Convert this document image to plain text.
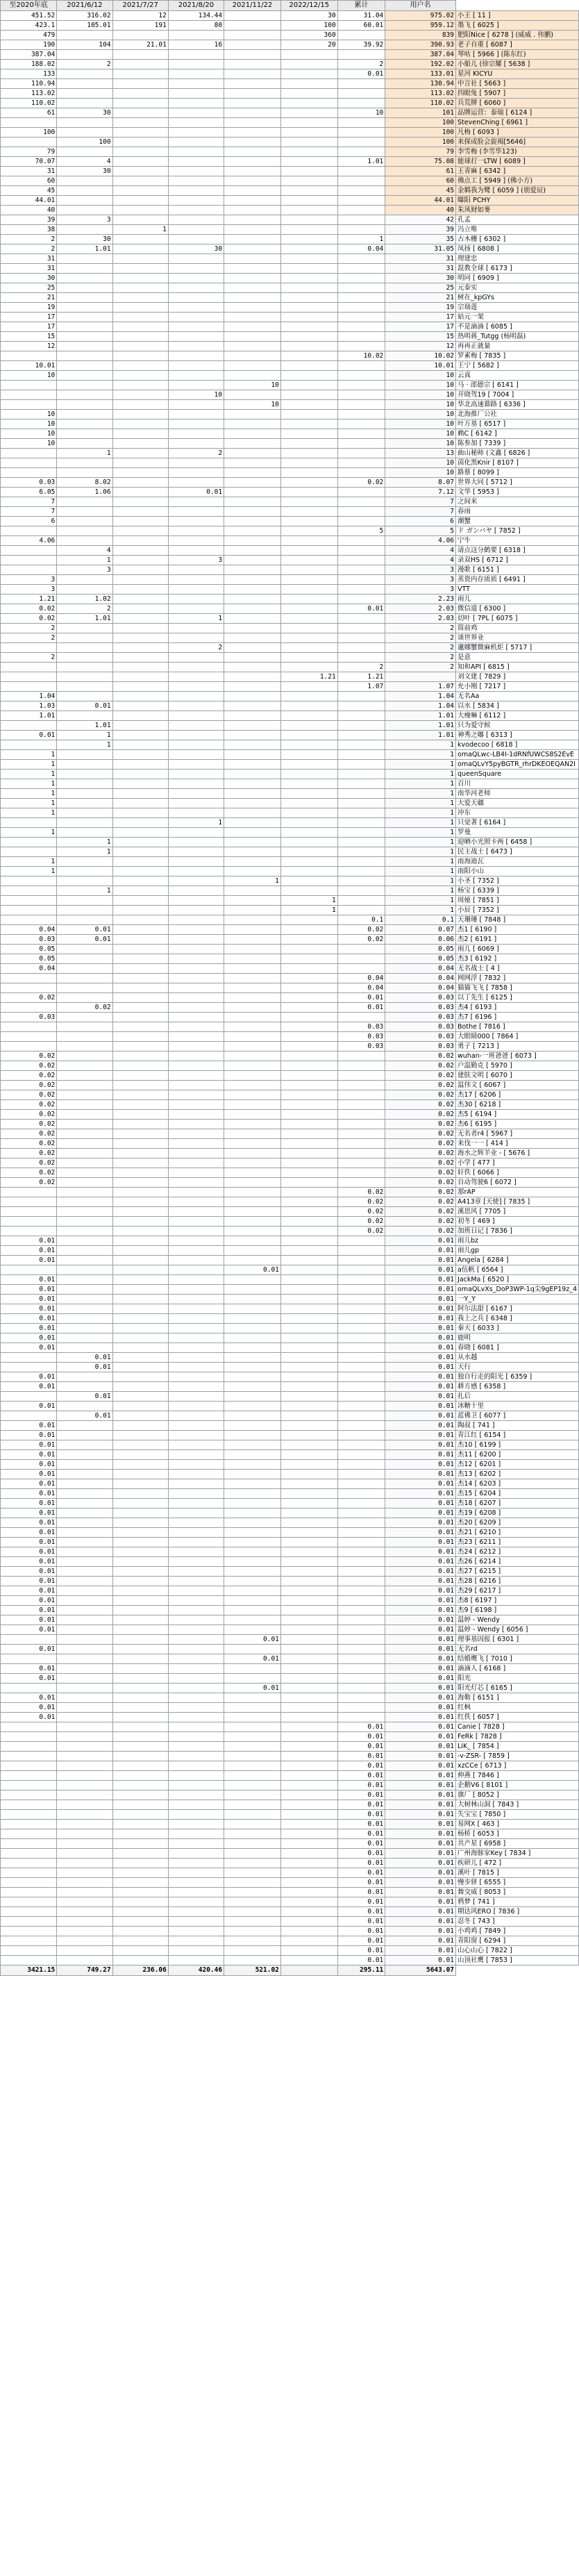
至2020年底	2021/6/12	2021/7/27	2021/8/20	2021/11/22	2022/12/15	累计	用户名	
451.52	316.02	12	134.44		30	31.04	975.02	小王 [ 11 ]
423.1	105.01	191	80		100	60.01	959.12	墨飞 [ 6025 ]
479					360		839	肥阳Nice [ 6278 ] (威威 . 伟鹏)
190	104	21.01	16		20	39.92	390.93	老子自重 [ 6087 ]
387.04							387.04	琴咕 [ 5966 ] (陈东红)
188.02	2					2	192.02	小船儿 (徐宗耀 [ 5638 ]
133						0.01	133.01	星河 KICYU
110.94							130.94	中言社 [ 5663 ]
113.02							113.02	四眼兔 [ 5907 ]
110.02							110.02	兵荒牌 [ 6060 ]
61	30					10	101	品牌运营：泰瑞 [ 6124 ]
							100	StevenChing [ 6961 ]
100							100	凡梅 [ 6093 ]
	100						100	来探成脸会旋褐[5646]
79							79	李雪梅 (李雪华123)
70.07	4					1.01	75.08	能球打一LTW [ 6089 ]
31	30						61	王青麻 [ 6342 ]
60							60	佛点工 [ 5949 ] (佛小方)
45							45	金羁我为鹭 [ 6059 ] (朋爱辰)
44.01							44.01	曝阳 PCHY
40							40	朱凤财如麥
39	3						42	孔孟
38		1					39	冯立唯
2	30					1	35	古木栅 [ 6302 ]
2	1.01		30			0.04	31.05	凤扬 [ 6808 ]
31							31	理建忠
31							31	混教全球 [ 6173 ]
30							30	明同 [ 6909 ]
25							25	元泰实
21							21	树在_kpGYs
19							19	宗瑞莲
17							17	姑元一架
17							17	不是滴滴 [ 6085 ]
15							15	热明蒋_Tutgg (杨明磊)
12							12	再再正就量
						10.02	10.02	罗素梅 [ 7835 ]
10.01							10.01	王宁 [ 5682 ]
10							10	云真
				10			10	马 · 邵德宗 [ 6141 ]
			10				10	开晓驾19 [ 7004 ]
				10			10	华北高速幕路 [ 6336 ]
10							10	北海推厂公社
10							10	叶万基 [ 6517 ]
10							10	赖C [ 6142 ]
10							10	陈参加 [ 7339 ]
	1		2				13	曲山秘师 (文鑫 [ 6826 ]
							10	茵化黑Knir [ 8107 ]
							10	路蔡 [ 8099 ]
0.03	8.02					0.02	8.07	世界大同 [ 5712 ]
6.05	1.06		0.01				7.12	文华 [ 5953 ]
7							7	之间米
7							7	春雨
6							6	潮蟹
						5	5	ド ガンバヤ [ 7852 ]
4.06							4.06	宁牛
	4						4	请点这分鹤要 [ 6318 ]
	1		3				4	录双HS [ 6712 ]
	3						3	漫歌 [ 6151 ]
3							3	蒸瓷内存质质 [ 6491 ]
3							3	VTT
1.21	1.02						2.23	雨儿
0.02	2					0.01	2.03	微信道 [ 6300 ]
0.02	1.01		1				2.03	切叶 [ 7PL [ 6075 ]
2							2	简前鸡
2							2	谈世界业
			2				2	邋娜蟹微麻机炬 [ 5717 ]
2							2	是意
						2	2	知和API [ 6815 ]
					1.21	1.21		刘文建 [ 7829 ]
						1.07	1.07	允小刚 [ 7217 ]
1.04							1.04	无名Aa
1.03	0.01						1.04	以水 [ 5834 ]
1.01							1.01	大瘦嘛 [ 6112 ]
	1.01						1.01	只为爱守候
0.01	1						1.01	神秀之嘟 [ 6313 ]
	1						1	kvodecoo [ 6818 ]
1							1	omaQLwc-LB4I-1dRNfUWCS8S2EvE
1							1	omaQLvY5pyBGTR_rhrDKEOEQAN2I
1							1	queenSquare
1							1	百川
1							1	南华河老师
1							1	大爱天疆
1							1	冲东
			1				1	只觉著 [ 6164 ]
1							1	罗曼
	1						1	迎晒小光照卡两 [ 6458 ]
	1						1	民主战士 [ 6473 ]
1							1	南海迪瓦
1							1	南阳小山
				1			1	小圣 [ 7352 ]
	1						1	杨宝 [ 6339 ]
					1		1	周娅 [ 7851 ]
					1		1	小辰 [ 7352 ]
						0.1	0.1	天珊珊 [ 7848 ]
0.04	0.01					0.02	0.07	杰1 [ 6190 ]
0.03	0.01					0.02	0.06	杰2 [ 6191 ]
0.05							0.05	雨儿 [ 6069 ]
0.05							0.05	杰3 [ 6192 ]
0.04							0.04	无名战士 [ 4 ]
						0.04	0.04	网网浮 [ 7832 ]
						0.04	0.04	猫猫飞飞 [ 7858 ]
0.02						0.01	0.03	以丁先生 [ 6125 ]
	0.02					0.01	0.03	杰4 [ 6193 ]
0.03							0.03	杰7 [ 6196 ]
						0.03	0.03	Bothe [ 7816 ]
						0.03	0.03	大眼睛000 [ 7864 ]
						0.03	0.03	勇子 [ 7213 ]
0.02							0.02	wuhan-一班爸爸 [ 6073 ]
0.02							0.02	户温勤克 [ 5970 ]
0.02							0.02	建肤文明 [ 6070 ]
0.02							0.02	温伟文 [ 6067 ]
0.02							0.02	杰17 [ 6206 ]
0.02							0.02	杰30 [ 6218 ]
0.02							0.02	杰5 [ 6194 ]
0.02							0.02	杰6 [ 6195 ]
0.02							0.02	无名者r4 [ 5967 ]
0.02							0.02	来伐一一 [ 414 ]
0.02							0.02	海水之辉羊业 - [ 5676 ]
0.02							0.02	小学 [ 477 ]
0.02							0.02	轩佚 [ 6066 ]
0.02							0.02	自动驾驶6 [ 6072 ]
						0.02	0.02	那rAP
						0.02	0.02	A413章 [天使] [ 7835 ]
						0.02	0.02	溪思风 [ 7705 ]
						0.02	0.02	初冬 [ 469 ]
						0.02	0.02	加班日记 [ 7836 ]
0.01							0.01	雨儿bz
0.01							0.01	雨儿gp
0.01							0.01	Angela [ 6284 ]
				0.01			0.01	a伍帆 [ 6564 ]
0.01							0.01	JackMa [ 6520 ]
0.01							0.01	omaQLvXs_DoP3WP-1q尖9gEP19z_4
0.01							0.01	一Y_Y
0.01							0.01	阿尔法甜 [ 6167 ]
0.01							0.01	我上之兵 [ 6348 ]
0.01							0.01	秦天 [ 6033 ]
0.01							0.01	鹿明
0.01							0.01	春晓 [ 6081 ]
	0.01						0.01	从水越
	0.01						0.01	天行
0.01							0.01	独自行走的阳光 [ 6359 ]
0.01							0.01	耕方感 [ 6358 ]
	0.01						0.01	扎后
0.01							0.01	冰糖十里
	0.01						0.01	蓝佛卫 [ 6077 ]
0.01							0.01	陶叔 [ 741 ]
0.01							0.01	青江红 [ 6154 ]
0.01							0.01	杰10 [ 6199 ]
0.01							0.01	杰11 [ 6200 ]
0.01							0.01	杰12 [ 6201 ]
0.01							0.01	杰13 [ 6202 ]
0.01							0.01	杰14 [ 6203 ]
0.01							0.01	杰15 [ 6204 ]
0.01							0.01	杰18 [ 6207 ]
0.01							0.01	杰19 [ 6208 ]
0.01							0.01	杰20 [ 6209 ]
0.01							0.01	杰21 [ 6210 ]
0.01							0.01	杰23 [ 6211 ]
0.01							0.01	杰24 [ 6212 ]
0.01							0.01	杰26 [ 6214 ]
0.01							0.01	杰27 [ 6215 ]
0.01							0.01	杰28 [ 6216 ]
0.01							0.01	杰29 [ 6217 ]
0.01							0.01	杰8 [ 6197 ]
0.01							0.01	杰9 [ 6198 ]
0.01							0.01	温婷 - Wendy
0.01							0.01	温婷 - Wendy [ 6056 ]
				0.01			0.01	理事基因报 [ 6301 ]
0.01							0.01	无名rd
				0.01			0.01	结婚鹰飞 [ 7010 ]
0.01							0.01	滴滴人 [ 6168 ]
0.01							0.01	阳光
				0.01			0.01	阳光灯芯 [ 6165 ]
0.01							0.01	海勒 [ 6151 ]
0.01							0.01	红枫
0.01							0.01	红佚 [ 6057 ]
						0.01	0.01	Canie [ 7828 ]
						0.01	0.01	FeRk [ 7828 ]
						0.01	0.01	LiK_ [ 7854 ]
						0.01	0.01	-v-ZSR- [ 7859 ]
						0.01	0.01	xzCCe [ 6713 ]
						0.01	0.01	伸燕 [ 7846 ]
						0.01	0.01	企鹅V6 [ 8101 ]
						0.01	0.01	旗厂 [ 8052 ]
						0.01	0.01	大树林山洞 [ 7843 ]
						0.01	0.01	失宝宝 [ 7850 ]
						0.01	0.01	易网X [ 463 ]
						0.01	0.01	杨桥 [ 6053 ]
						0.01	0.01	共产星 [ 6958 ]
						0.01	0.01	广州海豚家Key [ 7834 ]
						0.01	0.01	疾研儿 [ 472 ]
						0.01	0.01	溪叶 [ 7815 ]
						0.01	0.01	慢步驿 [ 6555 ]
						0.01	0.01	舞交威 [ 8053 ]
						0.01	0.01	鸦梦 [ 741 ]
						0.01	0.01	期达风ERO [ 7836 ]
						0.01	0.01	忍冬 [ 743 ]
						0.01	0.01	小鸡鸡 [ 7849 ]
						0.01	0.01	青阳窗 [ 6294 ]
						0.01	0.01	山心山心 [ 7822 ]
						0.01	0.01	山顶社鹰 [ 7853 ]
3421.15	749.27	236.06	420.46	521.02		295.11	5643.07	
